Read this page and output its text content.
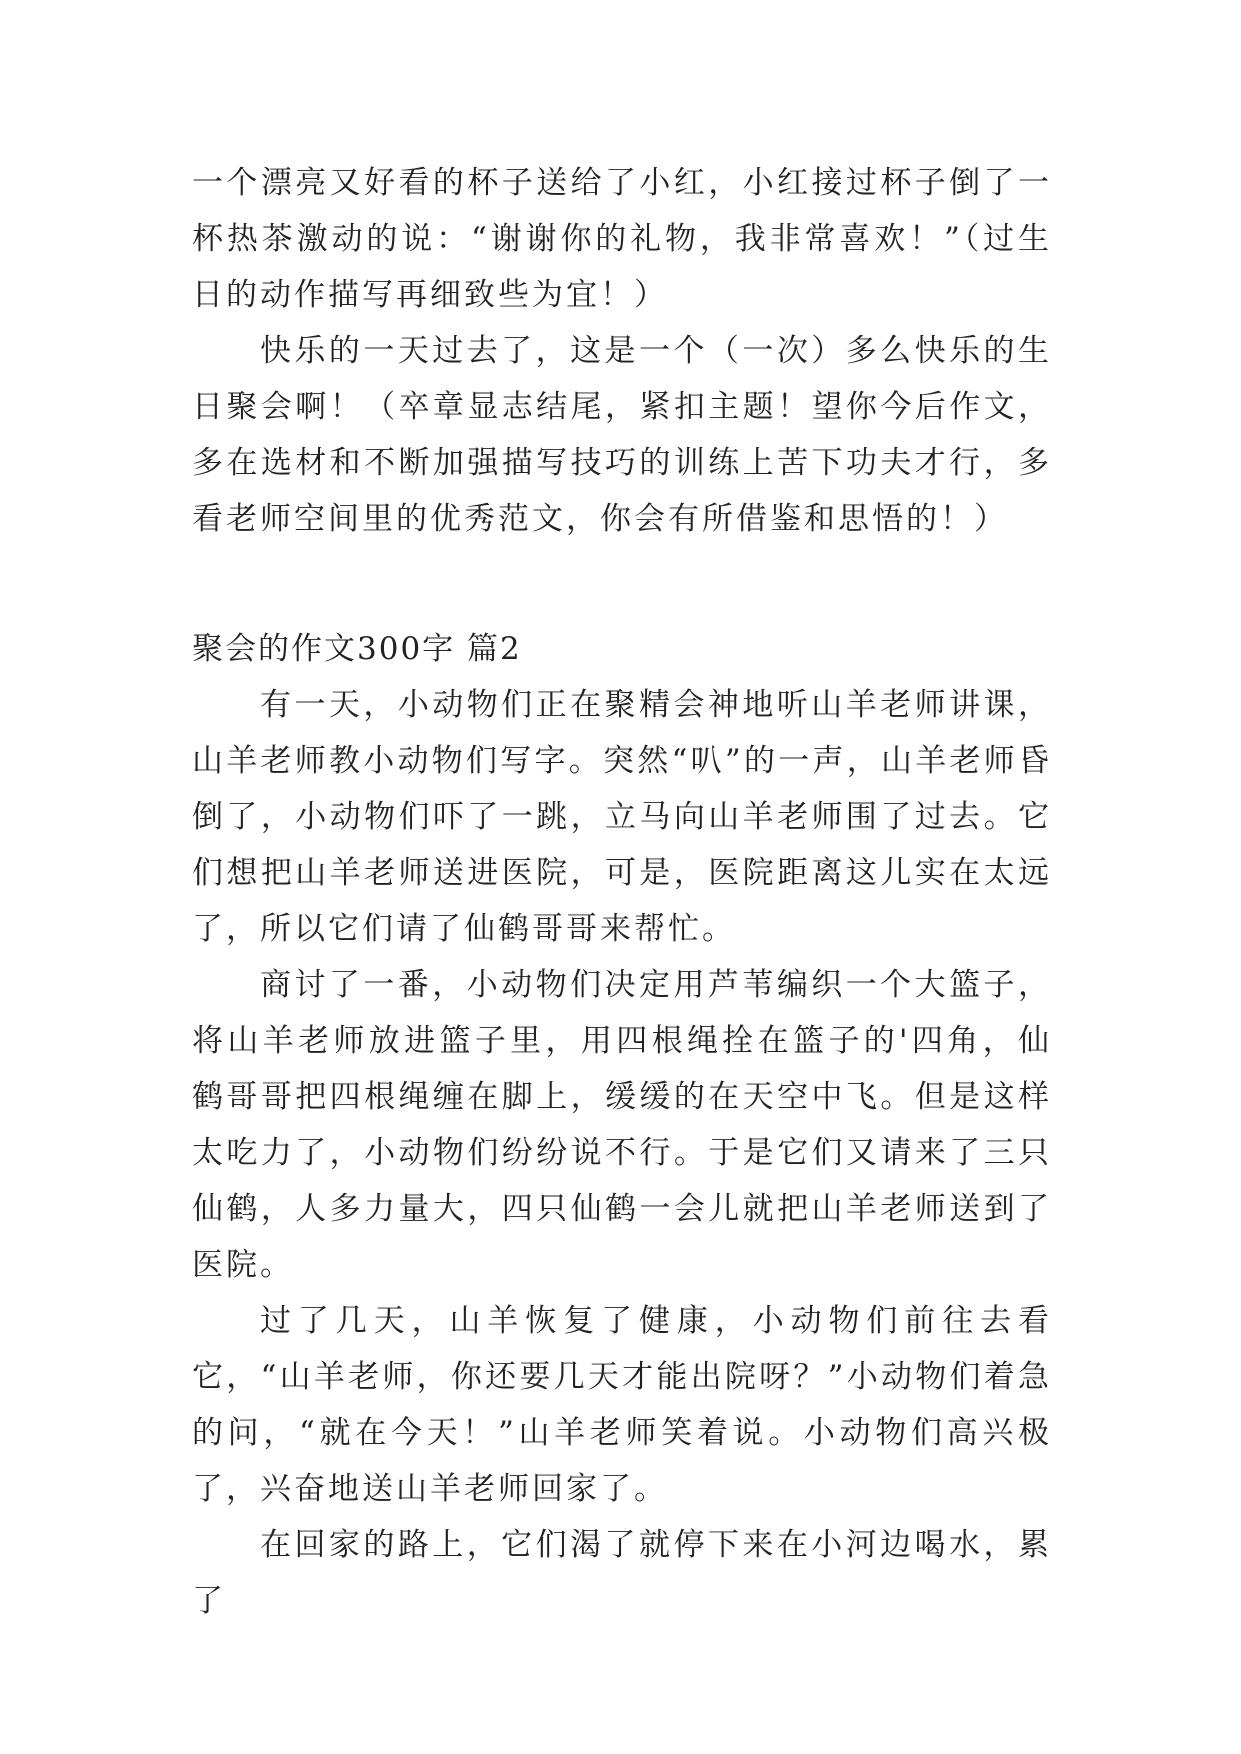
一个漂亮又好看的杯子送给了小红，小红接过杯子倒了一杯热茶激动的说：“谢谢你的礼物，我非常喜欢！”（过生日的动作描写再细致些为宜！）

快乐的一天过去了，这是一个（一次）多么快乐的生日聚会啊！（卒章显志结尾，紧扣主题！望你今后作文，多在选材和不断加强描写技巧的训练上苦下功夫才行，多看老师空间里的优秀范文，你会有所借鉴和思悟的！）

聚会的作文300字 篇2

有一天，小动物们正在聚精会神地听山羊老师讲课，山羊老师教小动物们写字。突然“叭”的一声，山羊老师昏倒了，小动物们吓了一跳，立马向山羊老师围了过去。它们想把山羊老师送进医院，可是，医院距离这儿实在太远了，所以它们请了仙鹤哥哥来帮忙。

商讨了一番，小动物们决定用芦苇编织一个大篮子，将山羊老师放进篮子里，用四根绳拴在篮子的'四角，仙鹤哥哥把四根绳缠在脚上，缓缓的在天空中飞。但是这样太吃力了，小动物们纷纷说不行。于是它们又请来了三只仙鹤，人多力量大，四只仙鹤一会儿就把山羊老师送到了医院。

过了几天，山羊恢复了健康，小动物们前往去看它，“山羊老师，你还要几天才能出院呀？”小动物们着急的问，“就在今天！”山羊老师笑着说。小动物们高兴极了，兴奋地送山羊老师回家了。

在回家的路上，它们渴了就停下来在小河边喝水，累了
